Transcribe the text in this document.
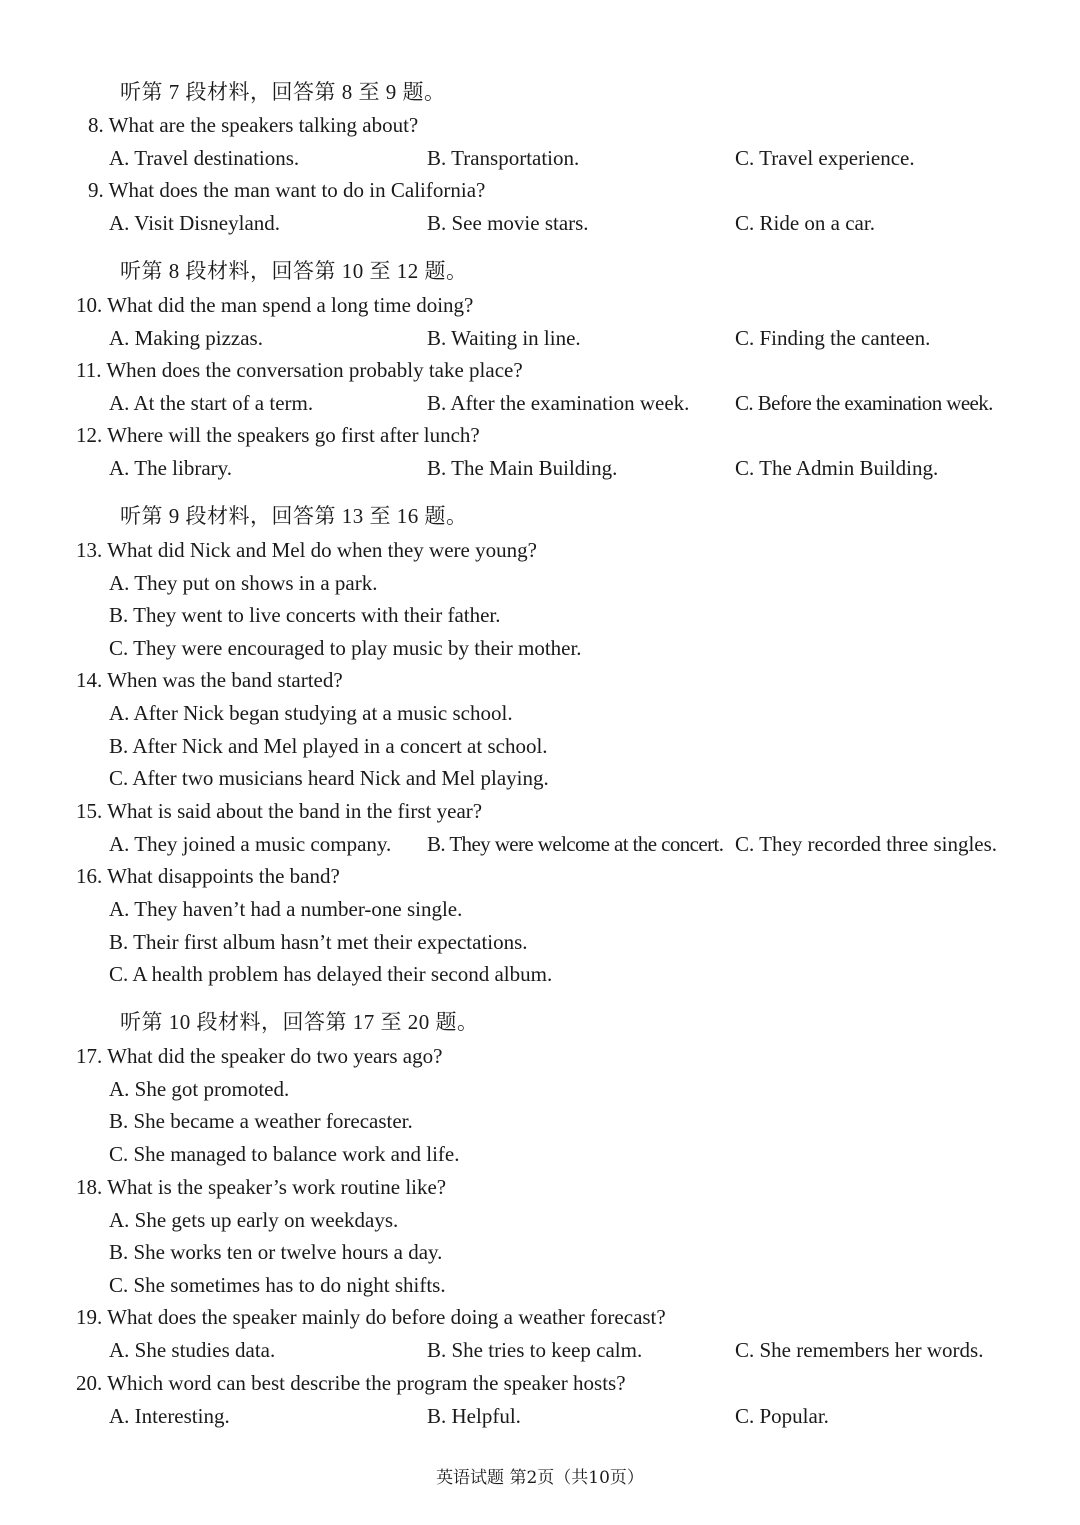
听第 7 段材料，回答第 8 至 9 题。
8. What are the speakers talking about?
A. Travel destinations.	B. Transportation.	C. Travel experience.
9. What does the man want to do in California?
A. Visit Disneyland.	B. See movie stars.	C. Ride on a car.
听第 8 段材料，回答第 10 至 12 题。
10. What did the man spend a long time doing?
A. Making pizzas.	B. Waiting in line.	C. Finding the canteen.
11. When does the conversation probably take place?
A. At the start of a term.	B. After the examination week. C. Before the examination week.
12. Where will the speakers go first after lunch?
A. The library.	B. The Main Building.	C. The Admin Building.
听第 9 段材料，回答第 13 至 16 题。
13. What did Nick and Mel do when they were young?
A. They put on shows in a park.
B. They went to live concerts with their father.
C. They were encouraged to play music by their mother.
14. When was the band started?
A. After Nick began studying at a music school.
B. After Nick and Mel played in a concert at school.
C. After two musicians heard Nick and Mel playing.
15. What is said about the band in the first year?
A. They joined a music company. B. They were welcome at the concert. C. They recorded three singles.
16. What disappoints the band?
A. They haven’t had a number-one single.
B. Their first album hasn’t met their expectations.
C. A health problem has delayed their second album.
听第 10 段材料，回答第 17 至 20 题。
17. What did the speaker do two years ago?
A. She got promoted.
B. She became a weather forecaster.
C. She managed to balance work and life.
18. What is the speaker’s work routine like?
A. She gets up early on weekdays.
B. She works ten or twelve hours a day.
C. She sometimes has to do night shifts.
19. What does the speaker mainly do before doing a weather forecast?
A. She studies data.	B. She tries to keep calm.	C. She remembers her words.
20. Which word can best describe the program the speaker hosts?
A. Interesting.	B. Helpful.	C. Popular.
英语试题 第2页（共10页）
